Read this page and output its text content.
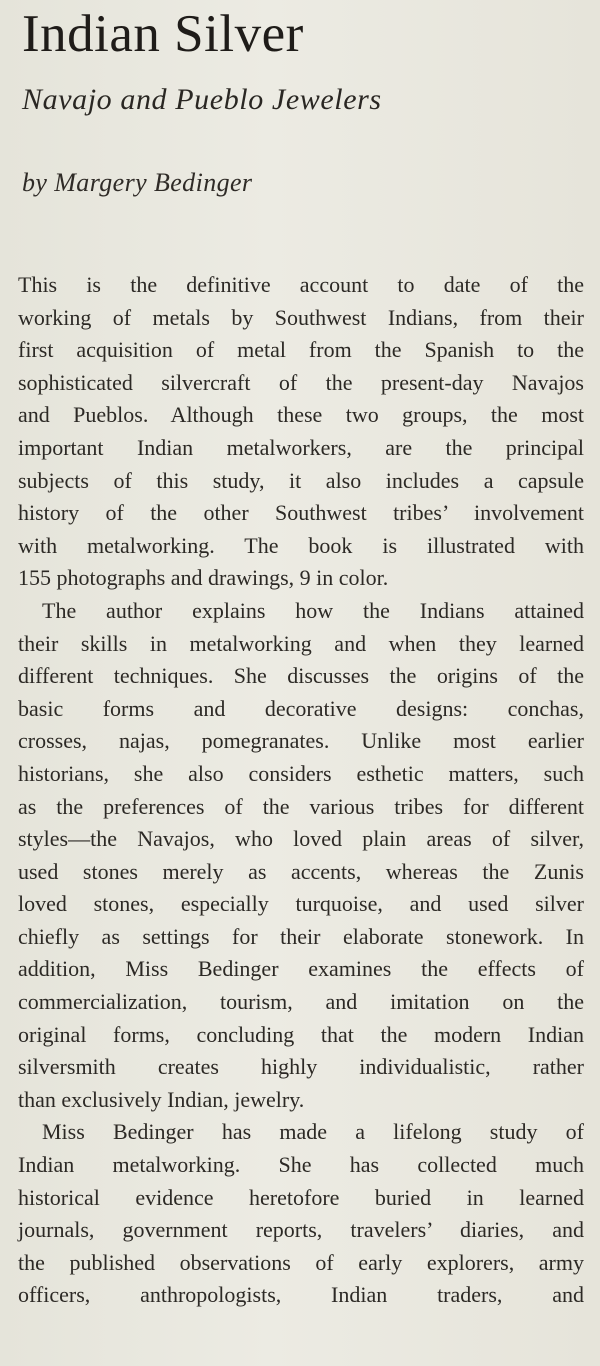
Indian Silver
Navajo and Pueblo Jewelers
by Margery Bedinger

This is the definitive account to date of the
working of metals by Southwest Indians, from their
first acquisition of metal from the Spanish to the
sophisticated silvercraft of the present-day Navajos
and Pueblos. Although these two groups, the most
important Indian metalworkers, are the principal
subjects of this study, it also includes a capsule
history of the other Southwest tribes’ involvement
with metalworking. The book is illustrated with
155 photographs and drawings, 9 in color.

The author explains how the Indians attained
their skills in metalworking and when they learned
different techniques. She discusses the origins of the
basic forms and decorative designs: conchas,
crosses, najas, pomegranates. Unlike most earlier
historians, she also considers esthetic matters, such
as the preferences of the various tribes for different
styles—the Navajos, who loved plain areas of silver,
used stones merely as accents, whereas the Zunis
loved stones, especially turquoise, and used silver
chiefly as settings for their elaborate stonework. In
addition, Miss Bedinger examines the effects of
commercialization, tourism, and imitation on the
original forms, concluding that the modern Indian
silversmith creates highly individualistic, rather
than exclusively Indian, jewelry.

Miss Bedinger has made a lifelong study of
Indian metalworking. She has collected much
historical evidence heretofore buried in learned
journals, government reports, travelers’ diaries, and
the published observations of early explorers, army
officers, anthropologists, Indian traders, and
